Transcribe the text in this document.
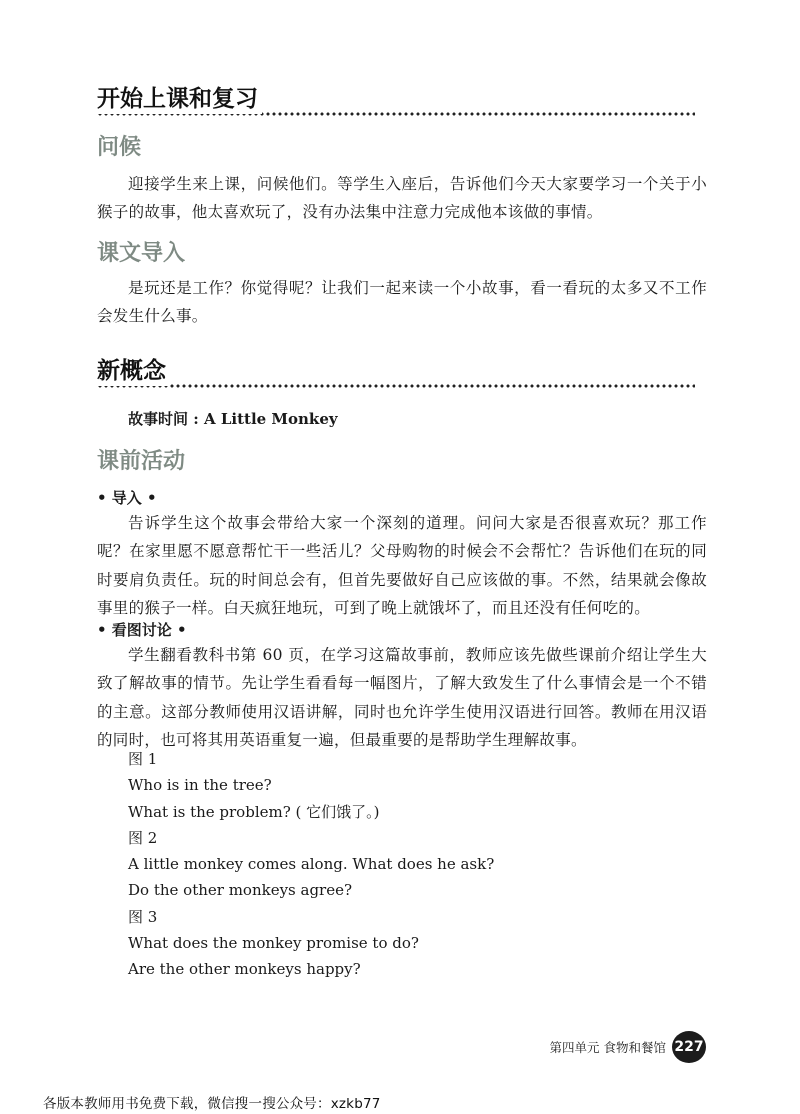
开始上课和复习
问候

迎接学生来上课，问候他们。等学生入座后，告诉他们今天大家要学习一个关于小猴子的故事，他太喜欢玩了，没有办法集中注意力完成他本该做的事情。

课文导入

是玩还是工作？你觉得呢？让我们一起来读一个小故事，看一看玩的太多又不工作会发生什么事。

新概念
故事时间 : A Little Monkey
课前活动
• 导入 •

告诉学生这个故事会带给大家一个深刻的道理。问问大家是否很喜欢玩？那工作呢？在家里愿不愿意帮忙干一些活儿？父母购物的时候会不会帮忙？告诉他们在玩的同时要肩负责任。玩的时间总会有，但首先要做好自己应该做的事。不然，结果就会像故事里的猴子一样。白天疯狂地玩，可到了晚上就饿坏了，而且还没有任何吃的。

• 看图讨论 •

学生翻看教科书第 60 页，在学习这篇故事前，教师应该先做些课前介绍让学生大致了解故事的情节。先让学生看看每一幅图片，了解大致发生了什么事情会是一个不错的主意。这部分教师使用汉语讲解，同时也允许学生使用汉语进行回答。教师在用汉语的同时，也可将其用英语重复一遍，但最重要的是帮助学生理解故事。

图 1
Who is in the tree?
What is the problem? ( 它们饿了。)
图 2
A little monkey comes along. What does he ask?
Do the other monkeys agree?
图 3
What does the monkey promise to do?
Are the other monkeys happy?
第四单元 食物和餐馆 227
各版本教师用书免费下载，微信搜一搜公众号：xzkb77
